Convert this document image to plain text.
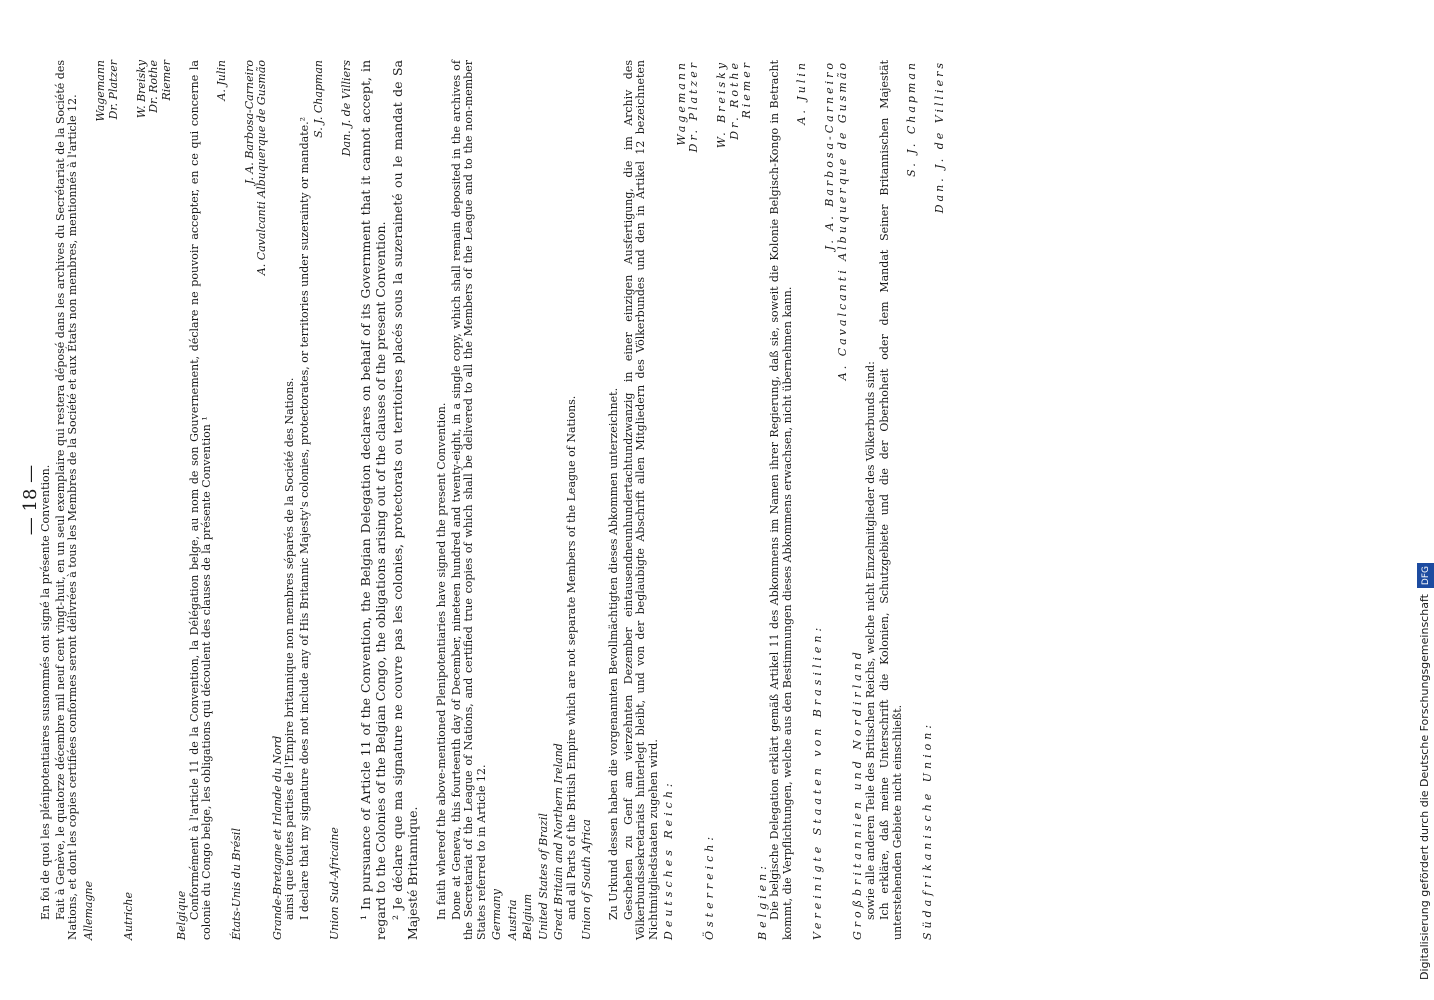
Digitalisierung gefördert durch die Deutsche ForschungsgemeinschaftDFG
— 18 —

En foi de quoi les plénipotentiaires susnommés ont signé la présente Convention. Fait à Genève, le quatorze décembre mil neuf cent vingt-huit, en un seul exemplaire qui restera déposé dans les archives du Secrétariat de la Société des Nations, et dont les copies certifiées conformes seront délivrées à tous les Membres de la Société et aux États non membres, mentionnés à l'article 12. Allemagne
Wagemann Dr. Platzer
Autriche
W. Breisky Dr. Rothe Riemer
Belgique Conformément à l'article 11 de la Convention, la Délégation belge, au nom de son Gouvernement, déclare ne pouvoir accepter, en ce qui concerne la colonie du Congo belge, les obligations qui découlent des clauses de la présente Convention ¹

A. Julin
États-Unis du Brésil
J. A. Barbosa-Carneiro A. Cavalcanti Albuquerque de Gusmão
Grande-Bretagne et Irlande du Nord ainsi que toutes parties de l'Empire britannique non membres séparés de la Société des Nations. I declare that my signature does not include any of His Britannic Majesty's colonies, protectorates, or territories under suzerainty or mandate.²

S. J. Chapman
Union Sud-Africaine
Dan. J. de Villiers ¹ In pursuance of Article 11 of the Convention, the Belgian Delegation declares on behalf of its Government that it cannot accept, in regard to the Colonies of the Belgian Congo, the obligations arising out of the clauses of the present Convention. ² Je déclare que ma signature ne couvre pas les colonies, protectorats ou territoires placés sous la suzeraineté ou le mandat de Sa Majesté Britannique. In faith whereof the above-mentioned Plenipotentiaries have signed the present Convention. Done at Geneva, this fourteenth day of December, nineteen hundred and twenty-eight, in a single copy, which shall remain deposited in the archives of the Secretariat of the League of Nations, and certified true copies of which shall be delivered to all the Members of the League and to the non-member States referred to in Article 12. Germany Austria Belgium United States of Brazil Great Britain and Northern Ireland and all Parts of the British Empire which are not separate Members of the League of Nations. Union of South Africa Zu Urkund dessen haben die vorgenannten Bevollmächtigten dieses Abkommen unterzeichnet. Geschehen zu Genf am vierzehnten Dezember eintausendneunhundertachtundzwanzig in einer einzigen Ausfertigung, die im Archiv des Völkerbundssekretariats hinterlegt bleibt, und von der beglaubigte Abschrift allen Mitgliedern des Völkerbundes und den in Artikel 12 bezeichneten Nichtmitgliedstaaten zugehen wird. Deutsches Reich:
Wagemann Dr. Platzer
Österreich:
W. Breisky Dr. Rothe Riemer
Belgien: Die belgische Delegation erklärt gemäß Artikel 11 des Abkommens im Namen ihrer Regierung, daß sie, soweit die Kolonie Belgisch-Kongo in Betracht kommt, die Verpflichtungen, welche aus den Bestimmungen dieses Abkommens erwachsen, nicht übernehmen kann.

A. Julin
Vereinigte Staaten von Brasilien:
J. A. Barbosa-Carneiro A. Cavalcanti Albuquerque de Gusmão
Großbritannien und Nordirland sowie alle anderen Teile des Britischen Reichs, welche nicht Einzelmitglieder des Völkerbunds sind: Ich erkläre, daß meine Unterschrift die Kolonien, Schutzgebiete und die der Oberhoheit oder dem Mandat Seiner Britannischen Majestät unterstehenden Gebiete nicht einschließt.

S. J. Chapman
Südafrikanische Union:
Dan. J. de Villiers
